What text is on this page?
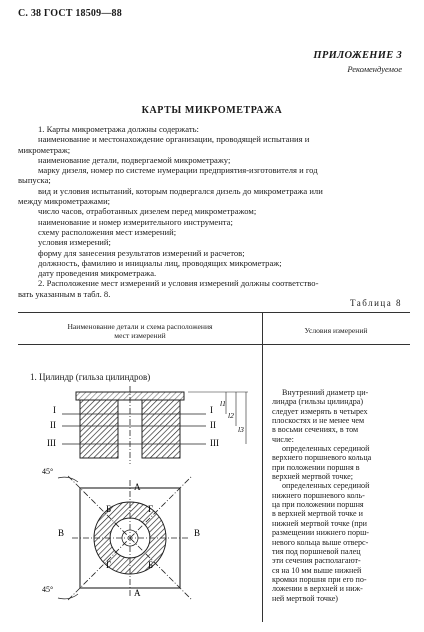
С. 38 ГОСТ 18509—88
ПРИЛОЖЕНИЕ 3
Рекомендуемое
КАРТЫ МИКРОМЕТРАЖА
1. Карты микрометража должны содержать:
наименование и местонахождение организации, проводящей испытания и
микрометраж;
наименование детали, подвергаемой микрометражу;
марку дизеля, номер по системе нумерации предприятия-изготовителя и год
выпуска;
вид и условия испытаний, которым подвергался дизель до микрометража или
между микрометражами;
число часов, отработанных дизелем перед микрометражом;
наименование и номер измерительного инструмента;
схему расположения мест измерений;
условия измерений;
форму для занесения результатов измерений и расчетов;
должность, фамилию и инициалы лиц, проводящих микрометраж;
дату проведения микрометража.
2. Расположение мест измерений и условия измерений должны соответство-
вать указанным в табл. 8.
Таблица 8
Наименование детали и схема расположения
мест измерений
Условия измерений
1. Цилиндр (гильза цилиндров)
I
II
III
I
II
III
l1
l2
l3
А
А
Б
В
В
Г
Б
Г
45°
45°
Внутренний диаметр ци-
линдра (гильзы цилиндра)
следует измерять в четырех
плоскостях и не менее чем
в восьми сечениях, в том
числе:
определенных серединой
верхнего поршневого кольца
при положении поршня в
верхней мертвой точке;
определенных серединой
нижнего поршневого коль-
ца при положении поршня
в верхней мертвой точке и
нижней мертвой точке (при
размещении нижнего порш-
невого кольца выше отверс-
тия под поршневой палец
эти сечения располагают-
ся на 10 мм выше нижней
кромки поршня при его по-
ложении в верхней и ниж-
ней мертвой точке)
